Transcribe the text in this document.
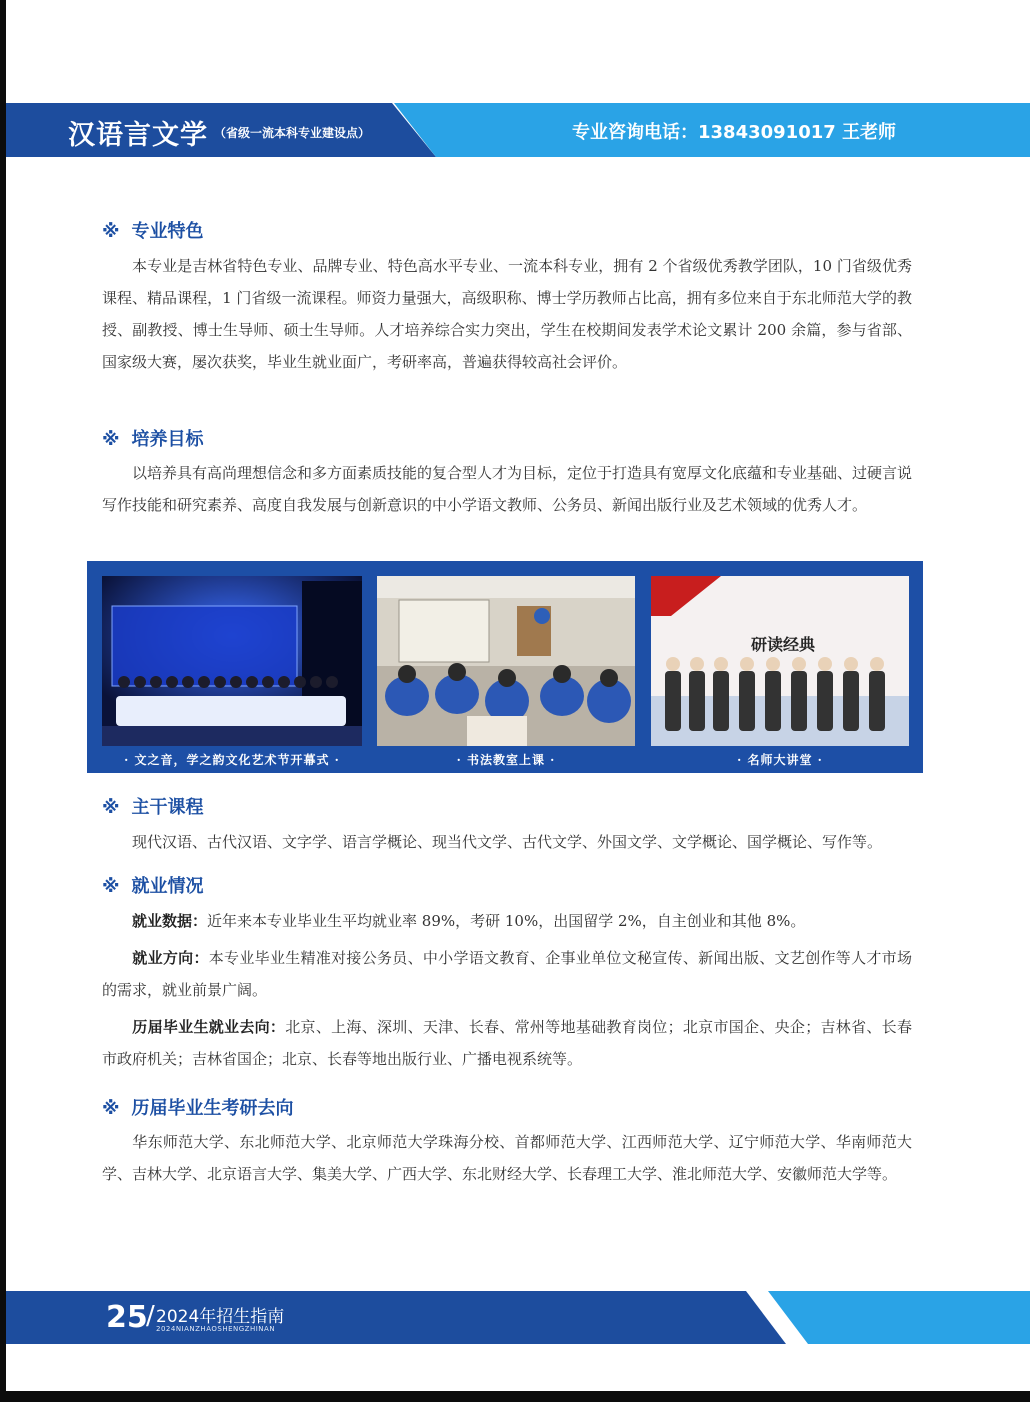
汉语言文学 （省级一流本科专业建设点）	专业咨询电话：13843091017 王老师
※ 专业特色
本专业是吉林省特色专业、品牌专业、特色高水平专业、一流本科专业，拥有 2 个省级优秀教学团队，10 门省级优秀课程、精品课程，1 门省级一流课程。师资力量强大，高级职称、博士学历教师占比高，拥有多位来自于东北师范大学的教授、副教授、博士生导师、硕士生导师。人才培养综合实力突出，学生在校期间发表学术论文累计 200 余篇，参与省部、国家级大赛，屡次获奖，毕业生就业面广，考研率高，普遍获得较高社会评价。
※ 培养目标
以培养具有高尚理想信念和多方面素质技能的复合型人才为目标，定位于打造具有宽厚文化底蕴和专业基础、过硬言说写作技能和研究素养、高度自我发展与创新意识的中小学语文教师、公务员、新闻出版行业及艺术领域的优秀人才。
研读经典
· 文之音，学之韵文化艺术节开幕式 ·	· 书法教室上课 ·	· 名师大讲堂 ·
※ 主干课程
现代汉语、古代汉语、文字学、语言学概论、现当代文学、古代文学、外国文学、文学概论、国学概论、写作等。
※ 就业情况
就业数据：近年来本专业毕业生平均就业率 89%，考研 10%，出国留学 2%，自主创业和其他 8%。
就业方向：本专业毕业生精准对接公务员、中小学语文教育、企事业单位文秘宣传、新闻出版、文艺创作等人才市场的需求，就业前景广阔。
历届毕业生就业去向：北京、上海、深圳、天津、长春、常州等地基础教育岗位；北京市国企、央企；吉林省、长春市政府机关；吉林省国企；北京、长春等地出版行业、广播电视系统等。
※ 历届毕业生考研去向
华东师范大学、东北师范大学、北京师范大学珠海分校、首都师范大学、江西师范大学、辽宁师范大学、华南师范大学、吉林大学、北京语言大学、集美大学、广西大学、东北财经大学、长春理工大学、淮北师范大学、安徽师范大学等。
25
/ 2024年招生指南
2024NIANZHAOSHENGZHINAN
